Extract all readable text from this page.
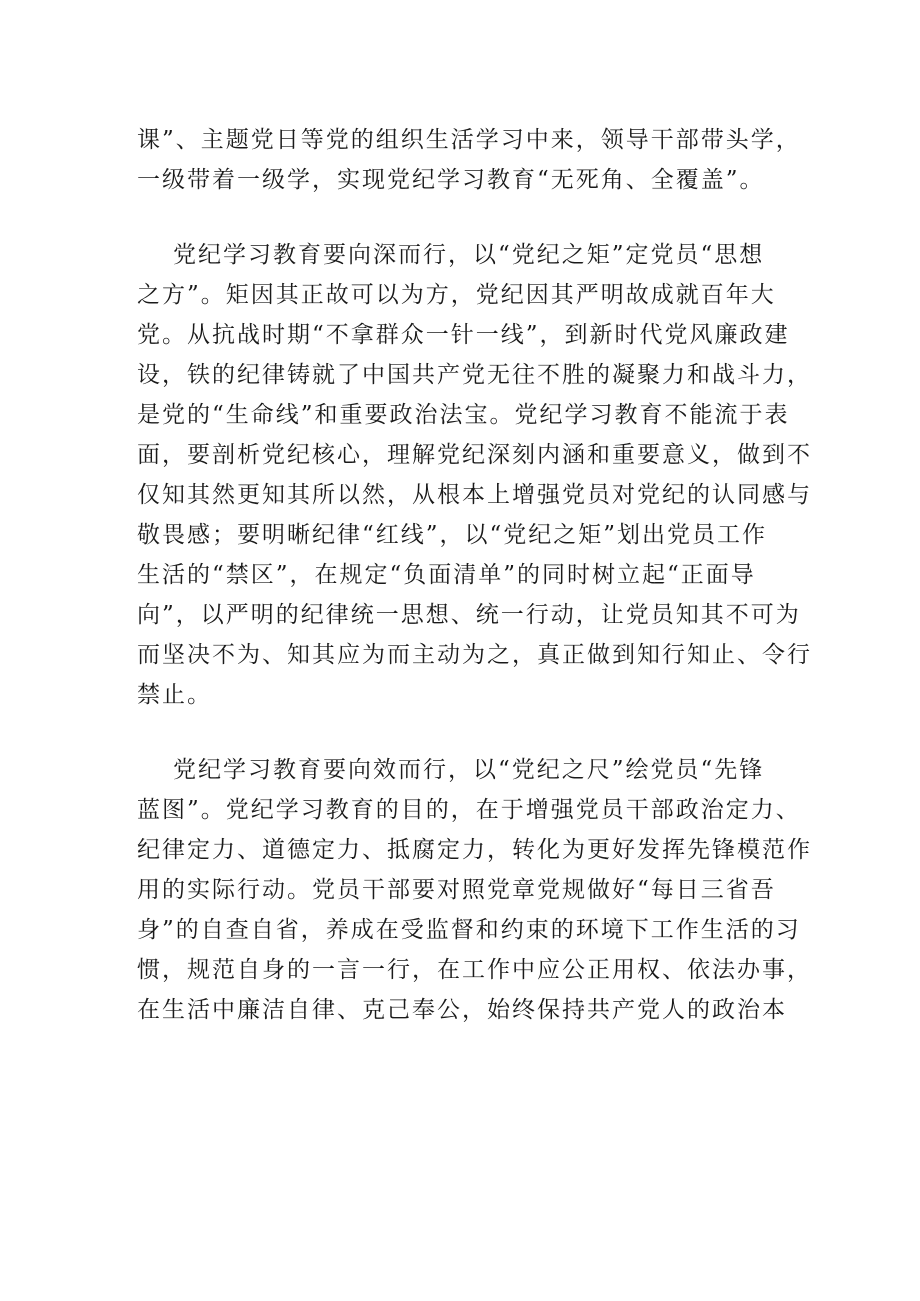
课”、主题党日等党的组织生活学习中来，领导干部带头学，
一级带着一级学，实现党纪学习教育“无死角、全覆盖”。
党纪学习教育要向深而行，以“党纪之矩”定党员“思想
之方”。矩因其正故可以为方，党纪因其严明故成就百年大
党。从抗战时期“不拿群众一针一线”，到新时代党风廉政建
设，铁的纪律铸就了中国共产党无往不胜的凝聚力和战斗力，
是党的“生命线”和重要政治法宝。党纪学习教育不能流于表
面，要剖析党纪核心，理解党纪深刻内涵和重要意义，做到不
仅知其然更知其所以然，从根本上增强党员对党纪的认同感与
敬畏感；要明晰纪律“红线”，以“党纪之矩”划出党员工作
生活的“禁区”，在规定“负面清单”的同时树立起“正面导
向”，以严明的纪律统一思想、统一行动，让党员知其不可为
而坚决不为、知其应为而主动为之，真正做到知行知止、令行
禁止。
党纪学习教育要向效而行，以“党纪之尺”绘党员“先锋
蓝图”。党纪学习教育的目的，在于增强党员干部政治定力、
纪律定力、道德定力、抵腐定力，转化为更好发挥先锋模范作
用的实际行动。党员干部要对照党章党规做好“每日三省吾
身”的自查自省，养成在受监督和约束的环境下工作生活的习
惯，规范自身的一言一行，在工作中应公正用权、依法办事，
在生活中廉洁自律、克己奉公，始终保持共产党人的政治本
